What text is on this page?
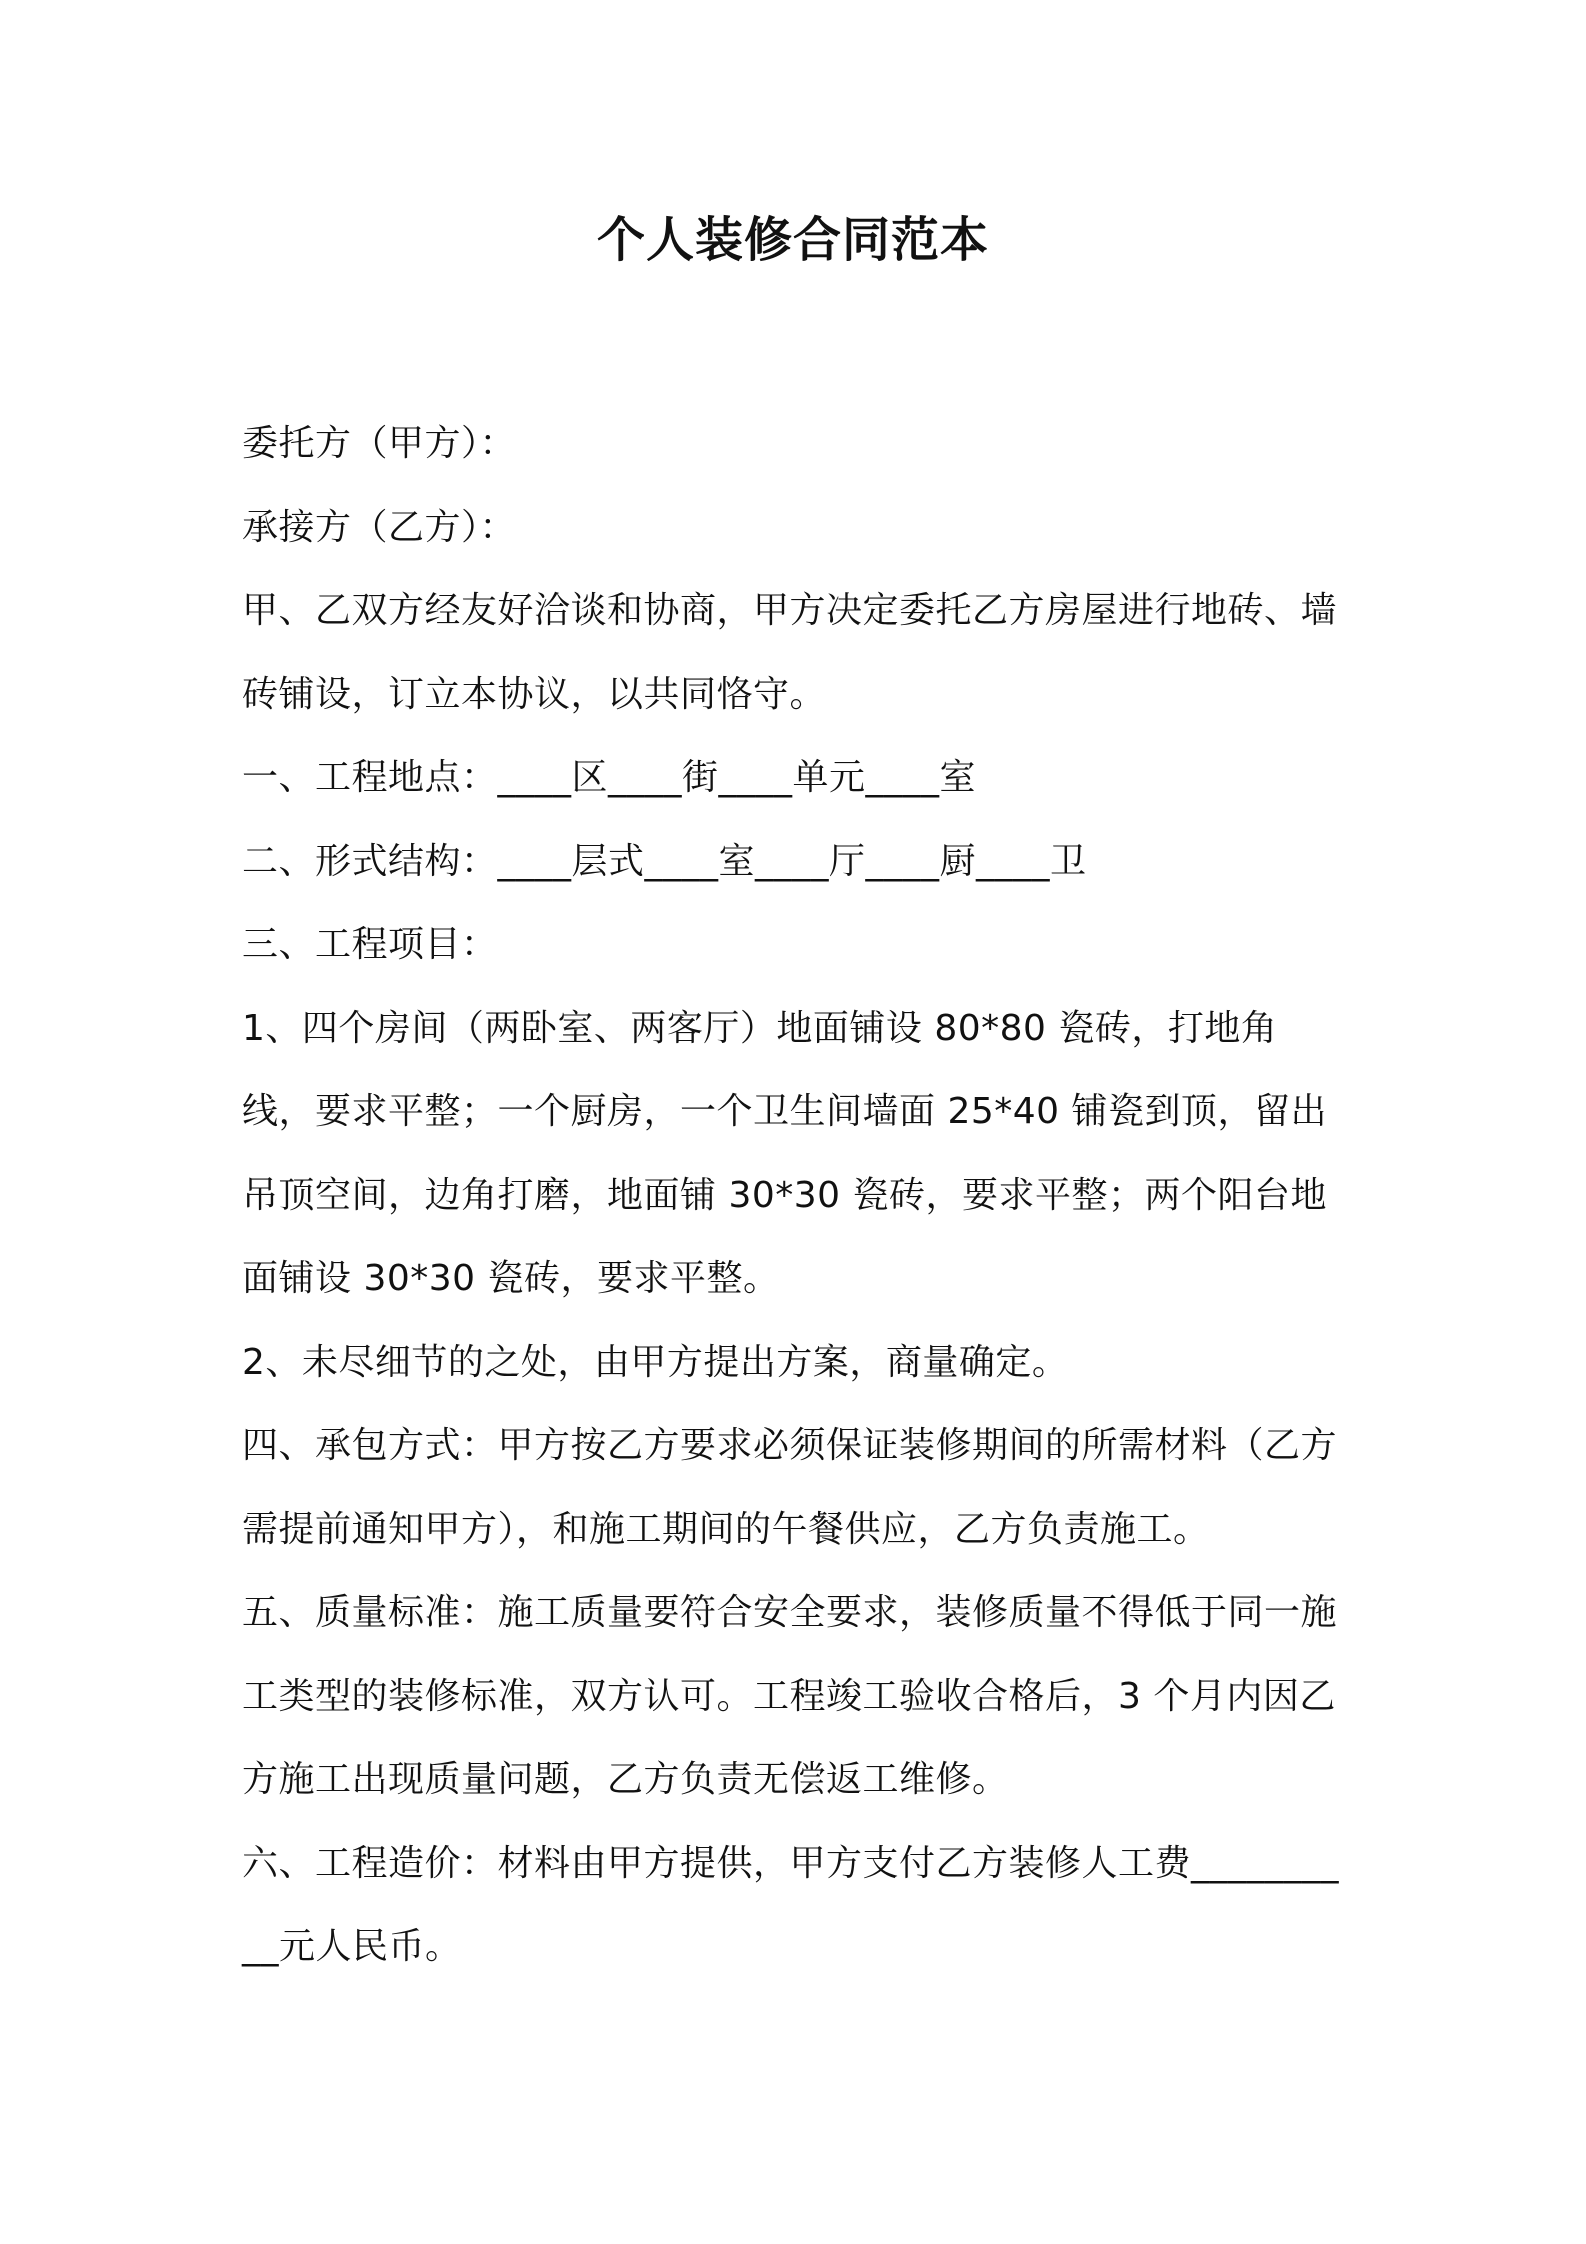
个人装修合同范本

委托方（甲方）：

承接方（乙方）：

甲、乙双方经友好洽谈和协商，甲方决定委托乙方房屋进行地砖、墙砖铺设，订立本协议，以共同恪守。

一、工程地点：____区____街____单元____室

二、形式结构：____层式____室____厅____厨____卫

三、工程项目：

1、四个房间（两卧室、两客厅）地面铺设 80*80 瓷砖，打地角线，要求平整；一个厨房，一个卫生间墙面 25*40 铺瓷到顶，留出吊顶空间，边角打磨，地面铺 30*30 瓷砖，要求平整；两个阳台地面铺设 30*30 瓷砖，要求平整。

2、未尽细节的之处，由甲方提出方案，商量确定。

四、承包方式：甲方按乙方要求必须保证装修期间的所需材料（乙方需提前通知甲方），和施工期间的午餐供应，乙方负责施工。

五、质量标准：施工质量要符合安全要求，装修质量不得低于同一施工类型的装修标准，双方认可。工程竣工验收合格后，3 个月内因乙方施工出现质量问题，乙方负责无偿返工维修。

六、工程造价：材料由甲方提供，甲方支付乙方装修人工费__________元人民币。
